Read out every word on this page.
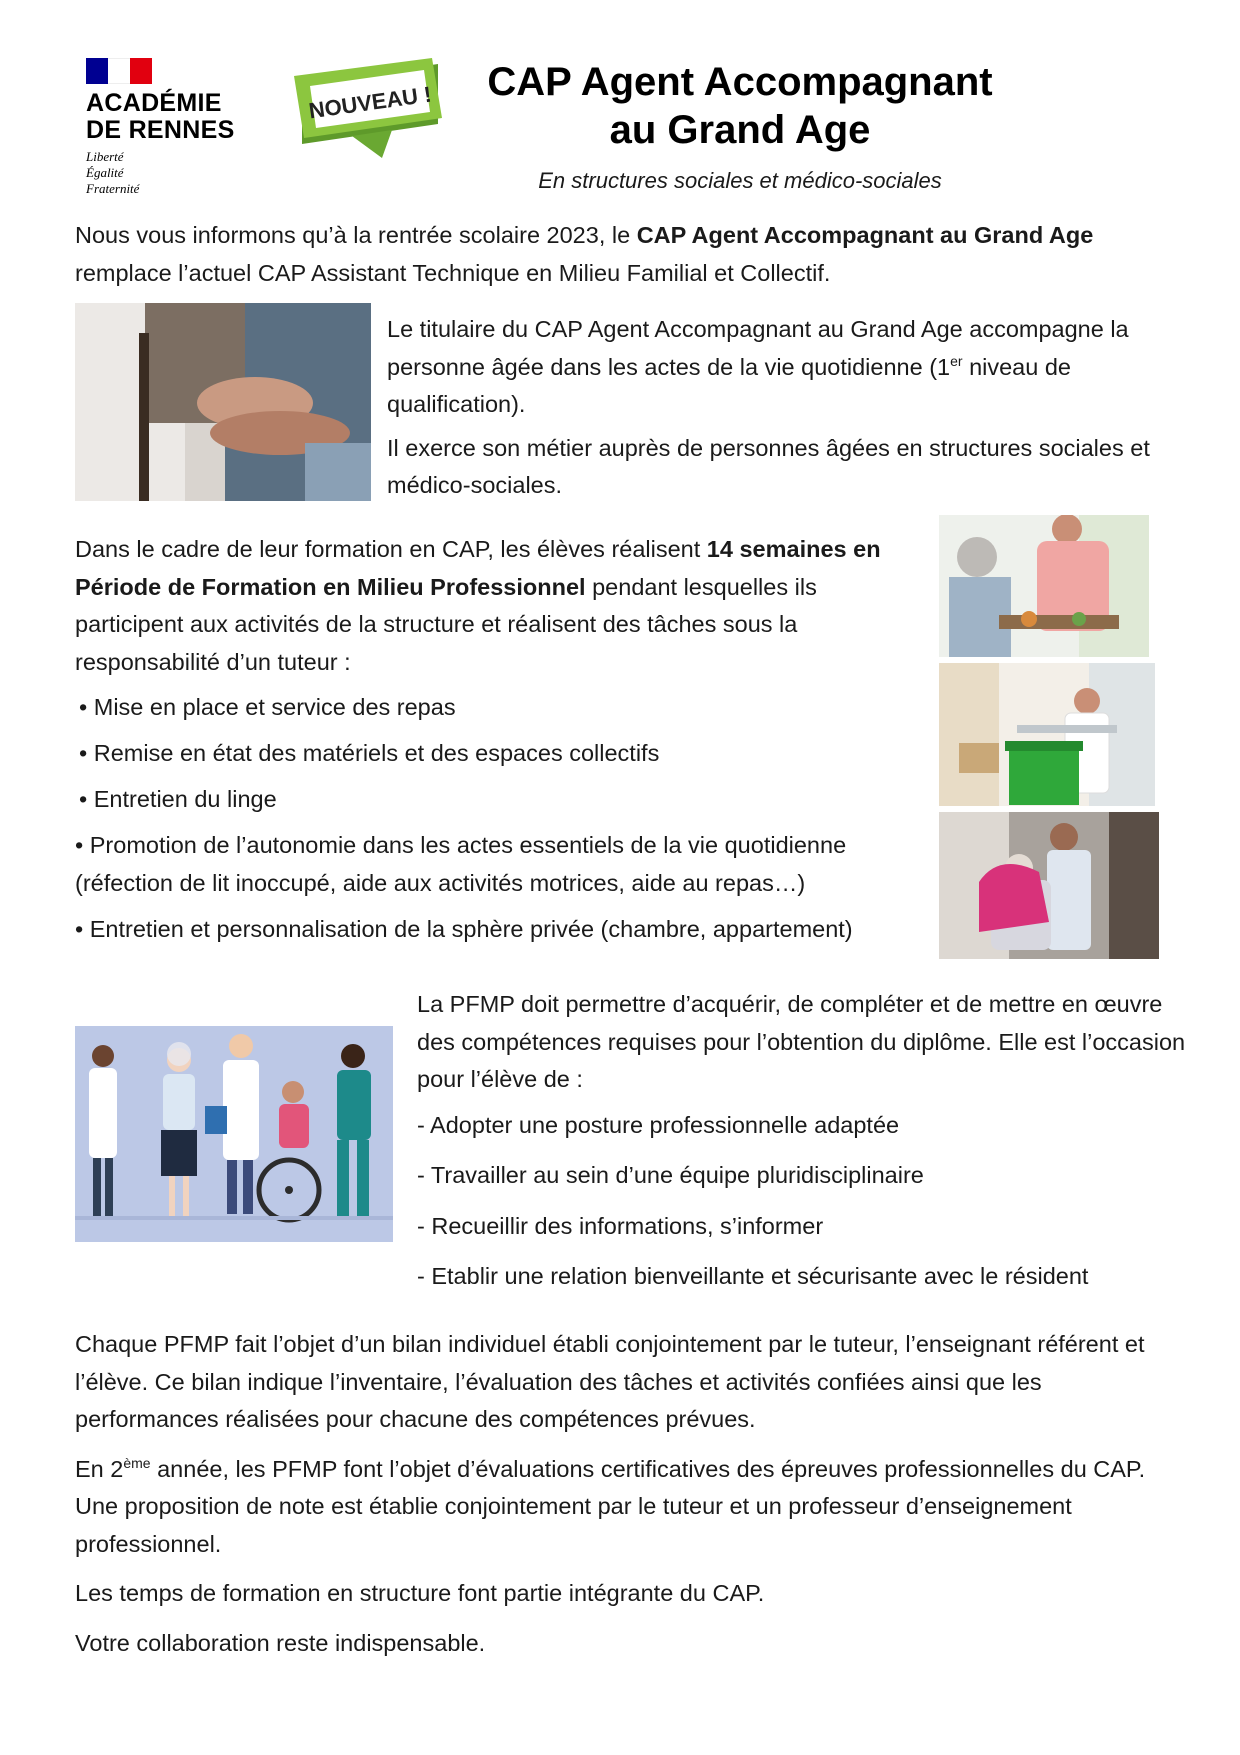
ACADÉMIE
DE RENNES
Liberté
Égalité
Fraternité
NOUVEAU !	CAP Agent Accompagnant
au Grand Age
En structures sociales et médico-sociales

Nous vous informons qu’à la rentrée scolaire 2023, le CAP Agent Accompagnant au Grand Age remplace l’actuel CAP Assistant Technique en Milieu Familial et Collectif.

Le titulaire du CAP Agent Accompagnant au Grand Age accompagne la personne âgée dans les actes de la vie quotidienne (1er niveau de qualification).

Il exerce son métier auprès de personnes âgées en structures sociales et médico-sociales.

Dans le cadre de leur formation en CAP, les élèves réalisent 14 semaines en Période de Formation en Milieu Professionnel pendant lesquelles ils participent aux activités de la structure et réalisent des tâches sous la responsabilité d’un tuteur :

• Mise en place et service des repas
• Remise en état des matériels et des espaces collectifs
• Entretien du linge
• Promotion de l’autonomie dans les actes essentiels de la vie quotidienne (réfection de lit inoccupé, aide aux activités motrices, aide au repas…)
• Entretien et personnalisation de la sphère privée (chambre, appartement)

La PFMP doit permettre d’acquérir, de compléter et de mettre en œuvre des compétences requises pour l’obtention du diplôme. Elle est l’occasion pour l’élève de :

- Adopter une posture professionnelle adaptée
- Travailler au sein d’une équipe pluridisciplinaire
- Recueillir des informations, s’informer
- Etablir une relation bienveillante et sécurisante avec le résident

Chaque PFMP fait l’objet d’un bilan individuel établi conjointement par le tuteur, l’enseignant référent et l’élève. Ce bilan indique l’inventaire, l’évaluation des tâches et activités confiées ainsi que les performances réalisées pour chacune des compétences prévues.

En 2ème année, les PFMP font l’objet d’évaluations certificatives des épreuves professionnelles du CAP. Une proposition de note est établie conjointement par le tuteur et un professeur d’enseignement professionnel.

Les temps de formation en structure font partie intégrante du CAP.

Votre collaboration reste indispensable.
